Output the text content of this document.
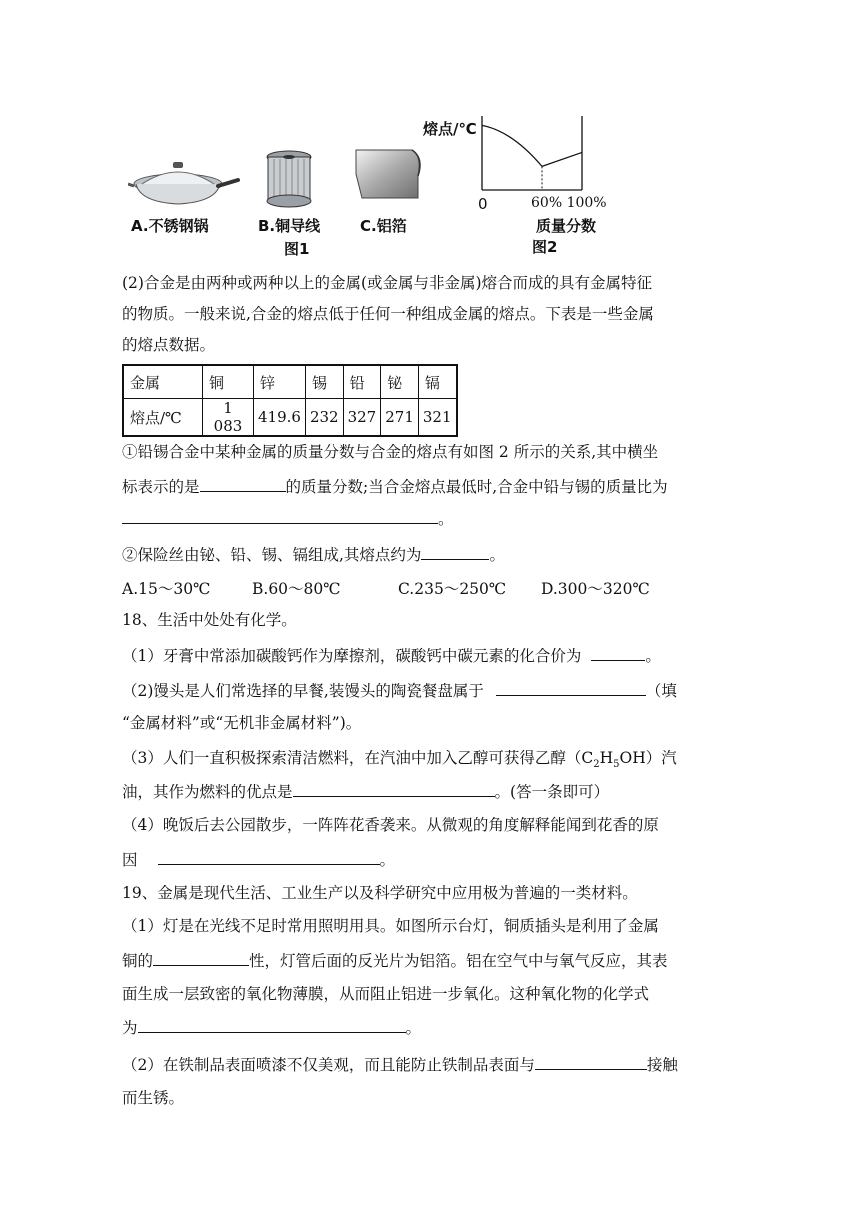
A.不锈钢锅	B.铜导线
图1
C.铝箔
熔点/℃
0	60% 100%
质量分数
图2
(2)合金是由两种或两种以上的金属(或金属与非金属)熔合而成的具有金属特征
的物质。一般来说,合金的熔点低于任何一种组成金属的熔点。下表是一些金属
的熔点数据。
金属	铜	锌	锡	铅	铋	镉
熔点/℃	1 083	419.6	232	327	271	321
①铅锡合金中某种金属的质量分数与合金的熔点有如图 2 所示的关系,其中横坐
标表示的是	的质量分数;当合金熔点最低时,合金中铅与锡的质量比为
。
②保险丝由铋、铅、锡、镉组成,其熔点约为	。
A.15～30℃	B.60～80℃	C.235～250℃ D.300～320℃
18、生活中处处有化学。
（1）牙膏中常添加碳酸钙作为摩擦剂，碳酸钙中碳元素的化合价为	。
（2)馒头是人们常选择的早餐,装馒头的陶瓷餐盘属于	（填
“金属材料”或“无机非金属材料”)。
（3）人们一直积极探索清洁燃料，在汽油中加入乙醇可获得乙醇$(C_2H_5OH)$汽
油，其作为燃料的优点是	。(答一条即可）
（4）晚饭后去公园散步，一阵阵花香袭来。从微观的角度解释能闻到花香的原
因	。
19、金属是现代生活、工业生产以及科学研究中应用极为普遍的一类材料。
（1）灯是在光线不足时常用照明用具。如图所示台灯，铜质插头是利用了金属
铜的	性，灯管后面的反光片为铝箔。铝在空气中与氧气反应，其表
面生成一层致密的氧化物薄膜，从而阻止铝进一步氧化。这种氧化物的化学式
为	。
（2）在铁制品表面喷漆不仅美观，而且能防止铁制品表面与	接触
而生锈。
